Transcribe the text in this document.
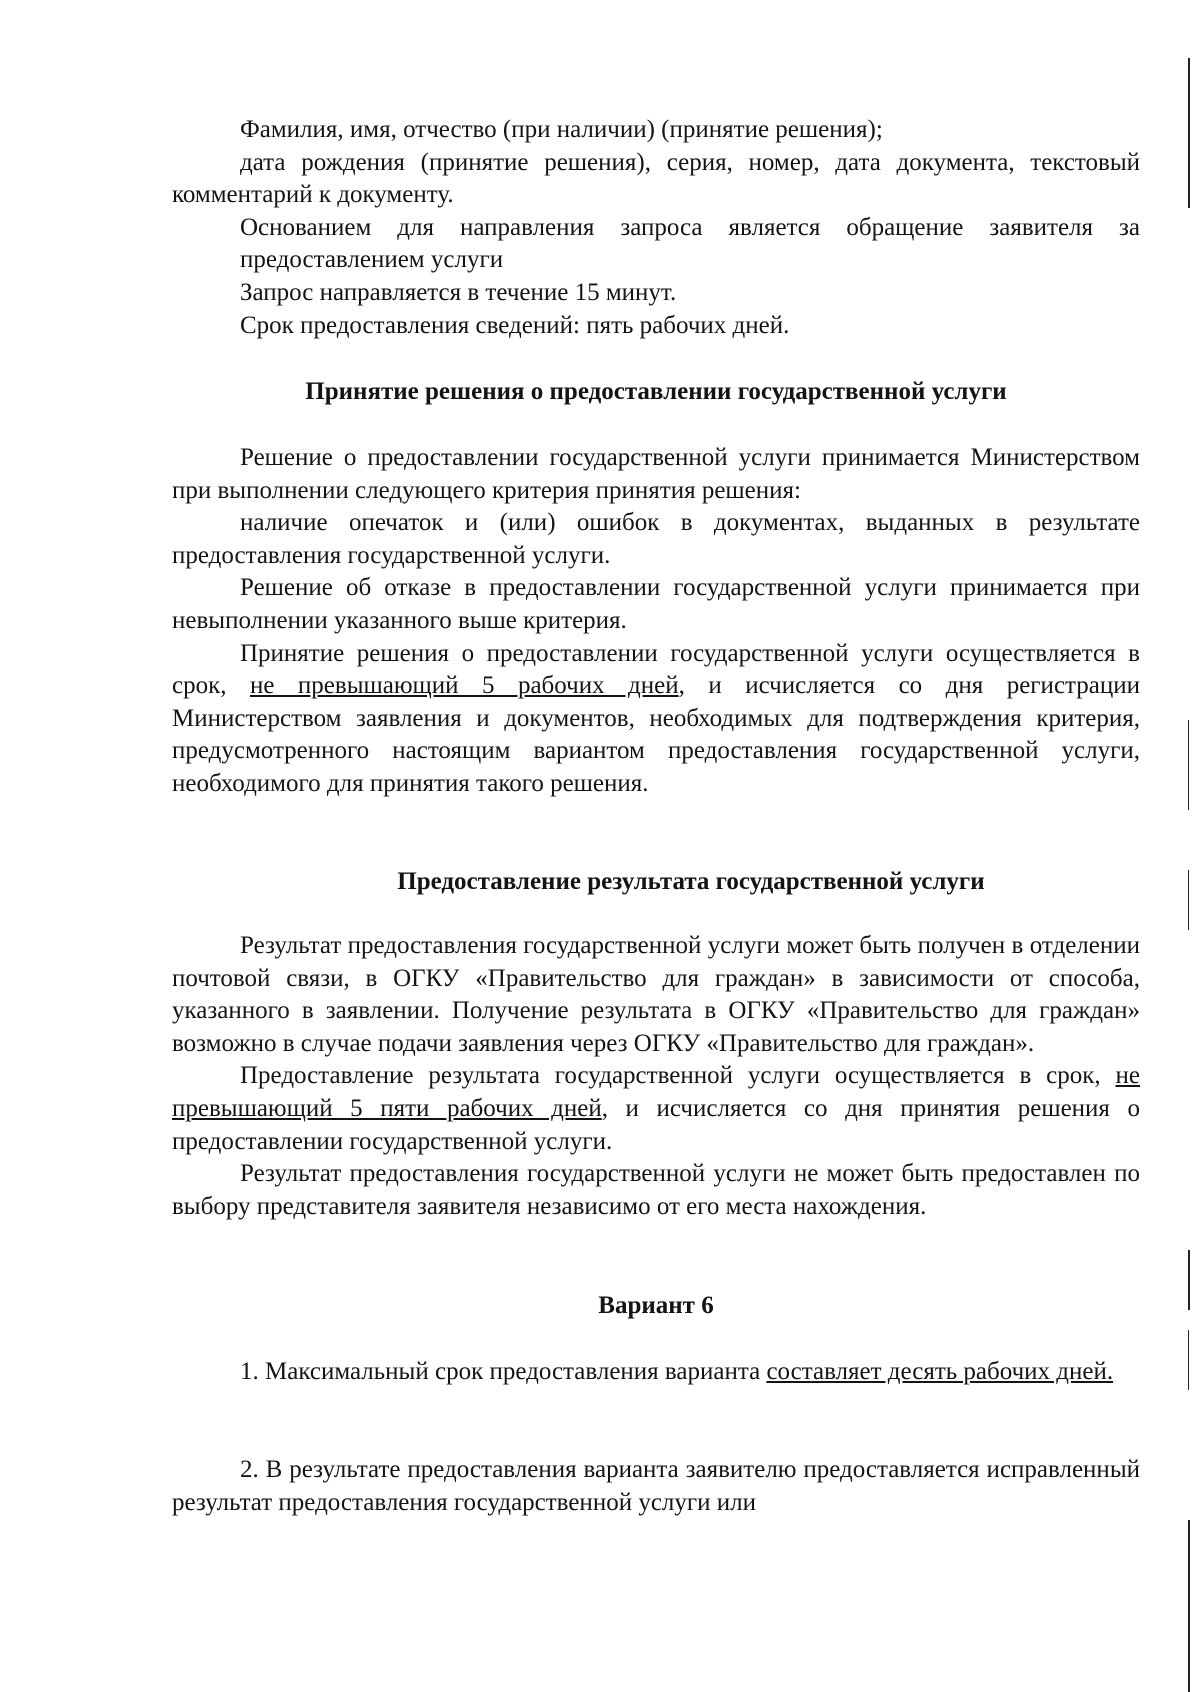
Фамилия, имя, отчество (при наличии) (принятие решения);

дата рождения (принятие решения), серия, номер, дата документа, текстовый комментарий к документу.

Основанием для направления запроса является обращение заявителя за предоставлением услуги

Запрос направляется в течение 15 минут.

Срок предоставления сведений: пять рабочих дней.

Принятие решения о предоставлении государственной услуги

Решение о предоставлении государственной услуги принимается Министерством при выполнении следующего критерия принятия решения:

наличие опечаток и (или) ошибок в документах, выданных в результате предоставления государственной услуги.

Решение об отказе в предоставлении государственной услуги принимается при невыполнении указанного выше критерия.

Принятие решения о предоставлении государственной услуги осуществляется в срок, не превышающий 5 рабочих дней, и исчисляется со дня регистрации Министерством заявления и документов, необходимых для подтверждения критерия, предусмотренного настоящим вариантом предоставления государственной услуги, необходимого для принятия такого решения.

Предоставление результата государственной услуги

Результат предоставления государственной услуги может быть получен в отделении почтовой связи, в ОГКУ «Правительство для граждан» в зависимости от способа, указанного в заявлении. Получение результата в ОГКУ «Правительство для граждан» возможно в случае подачи заявления через ОГКУ «Правительство для граждан».

Предоставление результата государственной услуги осуществляется в срок, не превышающий 5 пяти рабочих дней, и исчисляется со дня принятия решения о предоставлении государственной услуги.

Результат предоставления государственной услуги не может быть предоставлен по выбору представителя заявителя независимо от его места нахождения.

Вариант 6

1. Максимальный срок предоставления варианта составляет десять рабочих дней.

2. В результате предоставления варианта заявителю предоставляется исправленный результат предоставления государственной услуги или
